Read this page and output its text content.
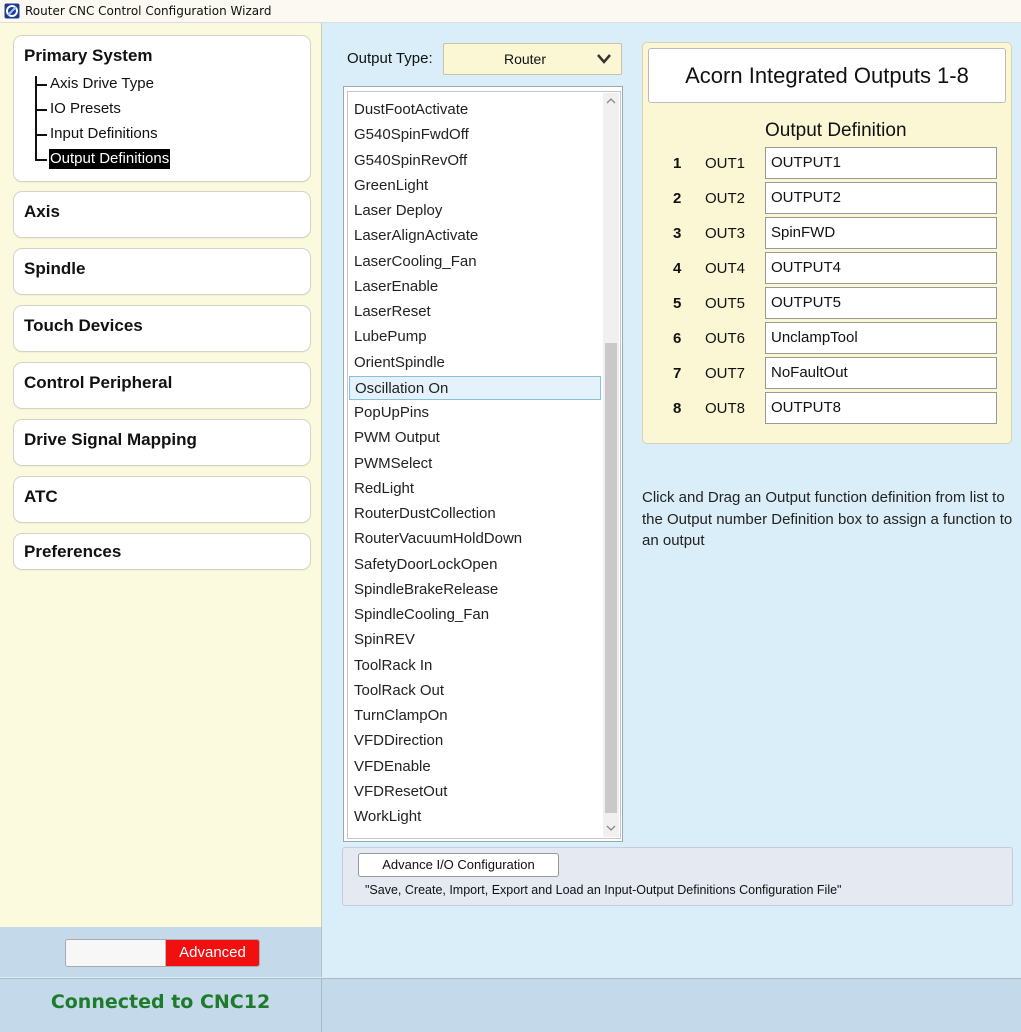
Router CNC Control Configuration Wizard
Primary System
Axis Drive Type
IO Presets
Input Definitions
Output Definitions
Axis
Spindle
Touch Devices
Control Peripheral
Drive Signal Mapping
ATC
Preferences
Advanced
Connected to CNC12
Output Type:	Router
WorkLight
VFDResetOut
VFDEnable
VFDDirection
TurnClampOn
ToolRack Out
ToolRack In
SpinREV
SpindleCooling_Fan
SpindleBrakeRelease
SafetyDoorLockOpen
RouterVacuumHoldDown
RouterDustCollection
RedLight
PWMSelect
PWM Output
PopUpPins
Oscillation On
OrientSpindle
LubePump
LaserReset
LaserEnable
LaserCooling_Fan
LaserAlignActivate
Laser Deploy
GreenLight
G540SpinRevOff
G540SpinFwdOff
DustFootActivate
Acorn Integrated Outputs 1-8
Output Definition
1 OUT1	OUTPUT1
2 OUT2	OUTPUT2
3 OUT3	SpinFWD
4 OUT4	OUTPUT4
5 OUT5	OUTPUT5
6 OUT6	UnclampTool
7 OUT7	NoFaultOut
8 OUT8	OUTPUT8
Click and Drag an Output function definition from list to the Output number Definition box to assign a function to an output
Advance I/O Configuration
"Save, Create, Import, Export and Load an Input-Output Definitions Configuration File"
